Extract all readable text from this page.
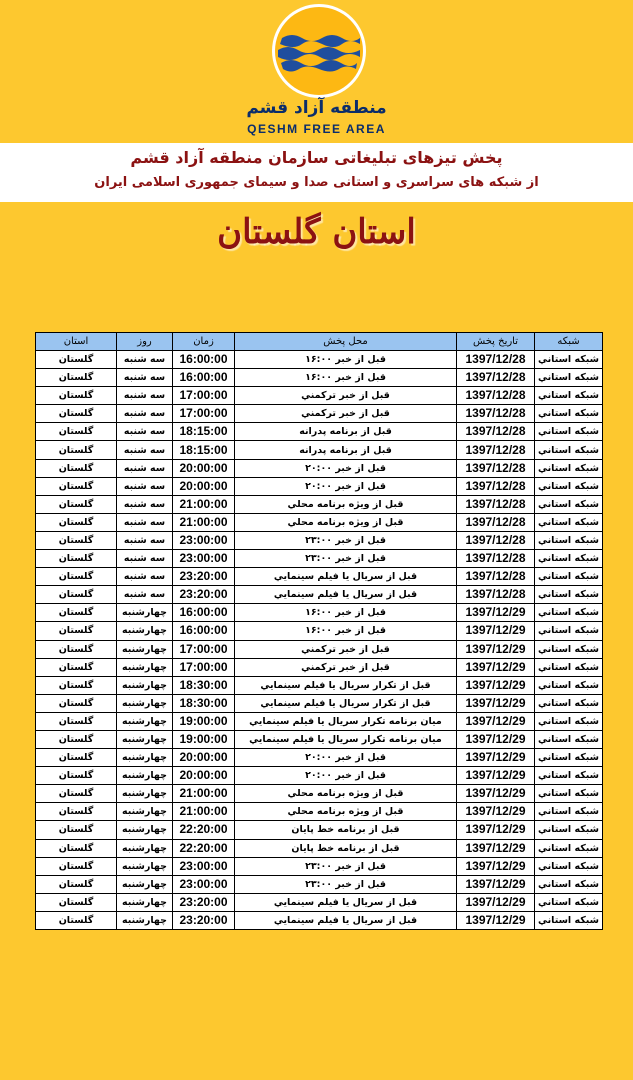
منطقه آزاد قشم
QESHM FREE AREA
پخش تیزهای تبلیغاتی سازمان منطقه آزاد قشم
از شبکه های سراسری و استانی صدا و سیمای جمهوری اسلامی ایران
استان گلستان
استان	روز	زمان	محل پخش	تاریخ پخش	شبکه
گلستان	سه شنبه	16:00:00	قبل از خبر ۱۶:۰۰	1397/12/28	شبکه استاني
گلستان	سه شنبه	16:00:00	قبل از خبر ۱۶:۰۰	1397/12/28	شبکه استاني
گلستان	سه شنبه	17:00:00	قبل از خبر ترکمني	1397/12/28	شبکه استاني
گلستان	سه شنبه	17:00:00	قبل از خبر ترکمني	1397/12/28	شبکه استاني
گلستان	سه شنبه	18:15:00	قبل از برنامه پدرانه	1397/12/28	شبکه استاني
گلستان	سه شنبه	18:15:00	قبل از برنامه پدرانه	1397/12/28	شبکه استاني
گلستان	سه شنبه	20:00:00	قبل از خبر ۲۰:۰۰	1397/12/28	شبکه استاني
گلستان	سه شنبه	20:00:00	قبل از خبر ۲۰:۰۰	1397/12/28	شبکه استاني
گلستان	سه شنبه	21:00:00	قبل از ويژه برنامه محلي	1397/12/28	شبکه استاني
گلستان	سه شنبه	21:00:00	قبل از ويژه برنامه محلي	1397/12/28	شبکه استاني
گلستان	سه شنبه	23:00:00	قبل از خبر ۲۳:۰۰	1397/12/28	شبکه استاني
گلستان	سه شنبه	23:00:00	قبل از خبر ۲۳:۰۰	1397/12/28	شبکه استاني
گلستان	سه شنبه	23:20:00	قبل از سريال يا فيلم سينمايي	1397/12/28	شبکه استاني
گلستان	سه شنبه	23:20:00	قبل از سريال يا فيلم سينمايي	1397/12/28	شبکه استاني
گلستان	چهارشنبه	16:00:00	قبل از خبر ۱۶:۰۰	1397/12/29	شبکه استاني
گلستان	چهارشنبه	16:00:00	قبل از خبر ۱۶:۰۰	1397/12/29	شبکه استاني
گلستان	چهارشنبه	17:00:00	قبل از خبر ترکمني	1397/12/29	شبکه استاني
گلستان	چهارشنبه	17:00:00	قبل از خبر ترکمني	1397/12/29	شبکه استاني
گلستان	چهارشنبه	18:30:00	قبل از تکرار سريال يا فيلم سينمايي	1397/12/29	شبکه استاني
گلستان	چهارشنبه	18:30:00	قبل از تکرار سريال يا فيلم سينمايي	1397/12/29	شبکه استاني
گلستان	چهارشنبه	19:00:00	ميان برنامه تکرار سريال يا فيلم سينمايي	1397/12/29	شبکه استاني
گلستان	چهارشنبه	19:00:00	ميان برنامه تکرار سريال يا فيلم سينمايي	1397/12/29	شبکه استاني
گلستان	چهارشنبه	20:00:00	قبل از خبر ۲۰:۰۰	1397/12/29	شبکه استاني
گلستان	چهارشنبه	20:00:00	قبل از خبر ۲۰:۰۰	1397/12/29	شبکه استاني
گلستان	چهارشنبه	21:00:00	قبل از ويژه برنامه محلي	1397/12/29	شبکه استاني
گلستان	چهارشنبه	21:00:00	قبل از ويژه برنامه محلي	1397/12/29	شبکه استاني
گلستان	چهارشنبه	22:20:00	قبل از برنامه خط پايان	1397/12/29	شبکه استاني
گلستان	چهارشنبه	22:20:00	قبل از برنامه خط پايان	1397/12/29	شبکه استاني
گلستان	چهارشنبه	23:00:00	قبل از خبر ۲۳:۰۰	1397/12/29	شبکه استاني
گلستان	چهارشنبه	23:00:00	قبل از خبر ۲۳:۰۰	1397/12/29	شبکه استاني
گلستان	چهارشنبه	23:20:00	قبل از سريال يا فيلم سينمايي	1397/12/29	شبکه استاني
گلستان	چهارشنبه	23:20:00	قبل از سريال يا فيلم سينمايي	1397/12/29	شبکه استاني
